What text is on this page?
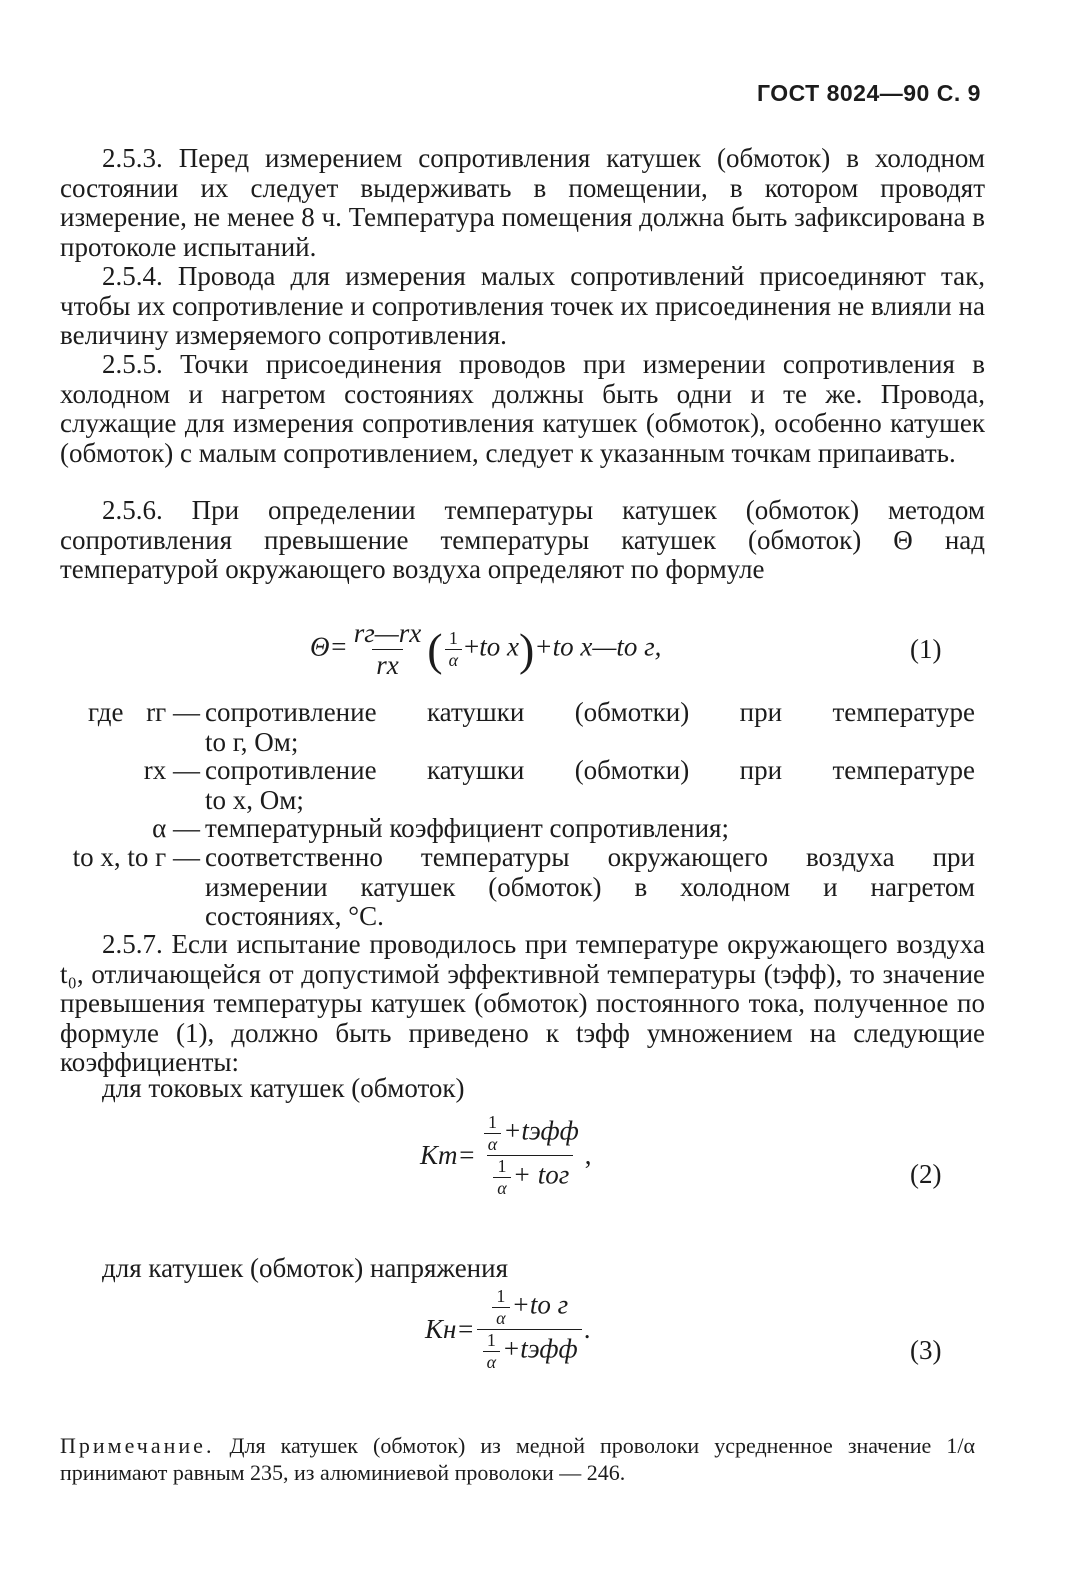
ГОСТ 8024—90 С. 9

2.5.3. Перед измерением сопротивления катушек (обмоток) в холодном состоянии их следует выдерживать в помещении, в котором проводят измерение, не менее 8 ч. Температура помещения должна быть зафиксирована в протоколе испытаний.

2.5.4. Провода для измерения малых сопротивлений присоединяют так, чтобы их сопротивление и сопротивления точек их присоединения не влияли на величину измеряемого сопротивления.

2.5.5. Точки присоединения проводов при измерении сопротивления в холодном и нагретом состояниях должны быть одни и те же. Провода, служащие для измерения сопротивления катушек (обмоток), особенно катушек (обмоток) с малым сопротивлением, следует к указанным точкам припаивать.

2.5.6. При определении температуры катушек (обмоток) методом сопротивления превышение температуры катушек (обмоток) Θ над температурой окружающего воздуха определяют по формуле

$\Theta= \frac{rг—rх}{rх}$ ( $\frac{1}{\alpha} +tо$ х)+tо х—tо г,	(1)
где rг — сопротивление катушки (обмотки) при температуре
tо г, Ом;
rх — сопротивление катушки (обмотки) при температуре
tо х, Ом;
α — температурный коэффициент сопротивления;
tо х, tо г — соответственно температуры окружающего воздуха при
измерении катушек (обмоток) в холодном и нагретом
состояниях, °С.

2.5.7. Если испытание проводилось при температуре окружающего воздуха t₀, отличающейся от допустимой эффективной температуры (tэфф), то значение превышения температуры катушек (обмоток) постоянного тока, полученное по формуле (1), должно быть приведено к tэфф умножением на следующие коэффициенты:

для токовых катушек (обмоток)
$Kт= \frac{\frac{1}{\alpha} +tэфф}{\frac{1}{\alpha} + tог}$ ,
(2)
для катушек (обмоток) напряжения
$Kн= \frac{\frac{1}{\alpha} +tо г}{\frac{1}{\alpha} +tэфф}$ .
(3)
Примечание. Для катушек (обмоток) из медной проволоки усредненное значение 1/α принимают равным 235, из алюминиевой проволоки — 246.
